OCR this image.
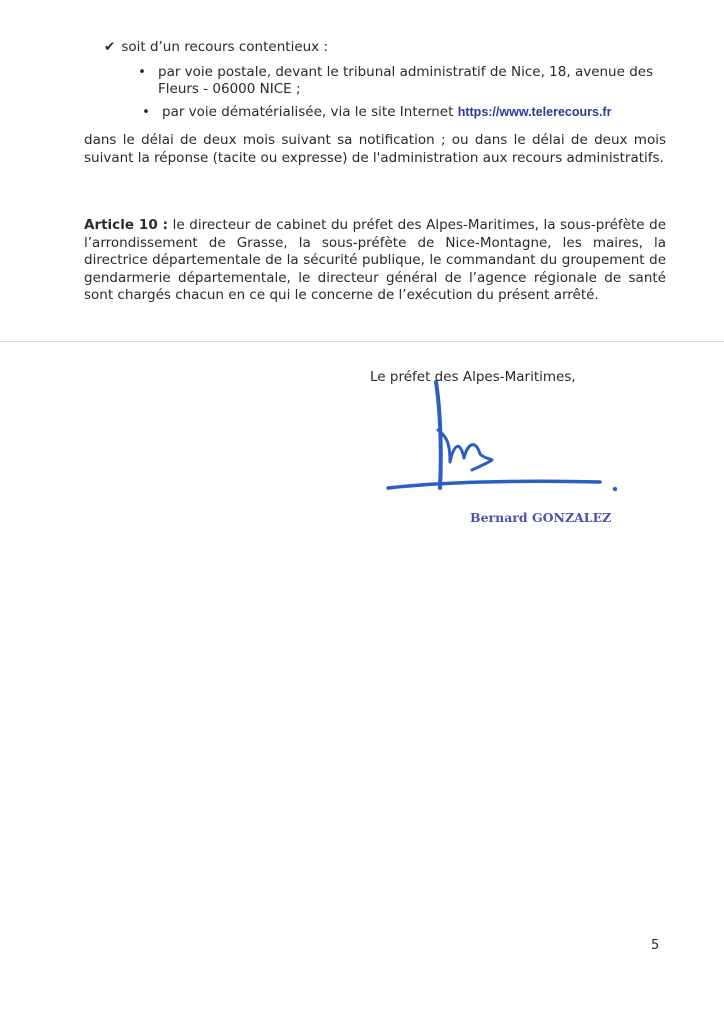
✔ soit d’un recours contentieux :
• par voie postale, devant le tribunal administratif de Nice, 18, avenue des Fleurs - 06000 NICE ;
• par voie dématérialisée, via le site Internet https://www.telerecours.fr
dans le délai de deux mois suivant sa notification ; ou dans le délai de deux mois suivant la réponse (tacite ou expresse) de l'administration aux recours administratifs.
Article 10 : le directeur de cabinet du préfet des Alpes-Maritimes, la sous-préfète de l’arrondissement de Grasse, la sous-préfète de Nice-Montagne, les maires, la directrice départementale de la sécurité publique, le commandant du groupement de gendarmerie départementale, le directeur général de l’agence régionale de santé sont chargés chacun en ce qui le concerne de l’exécution du présent arrêté.
Le préfet des Alpes-Maritimes,
Bernard GONZALEZ
5
